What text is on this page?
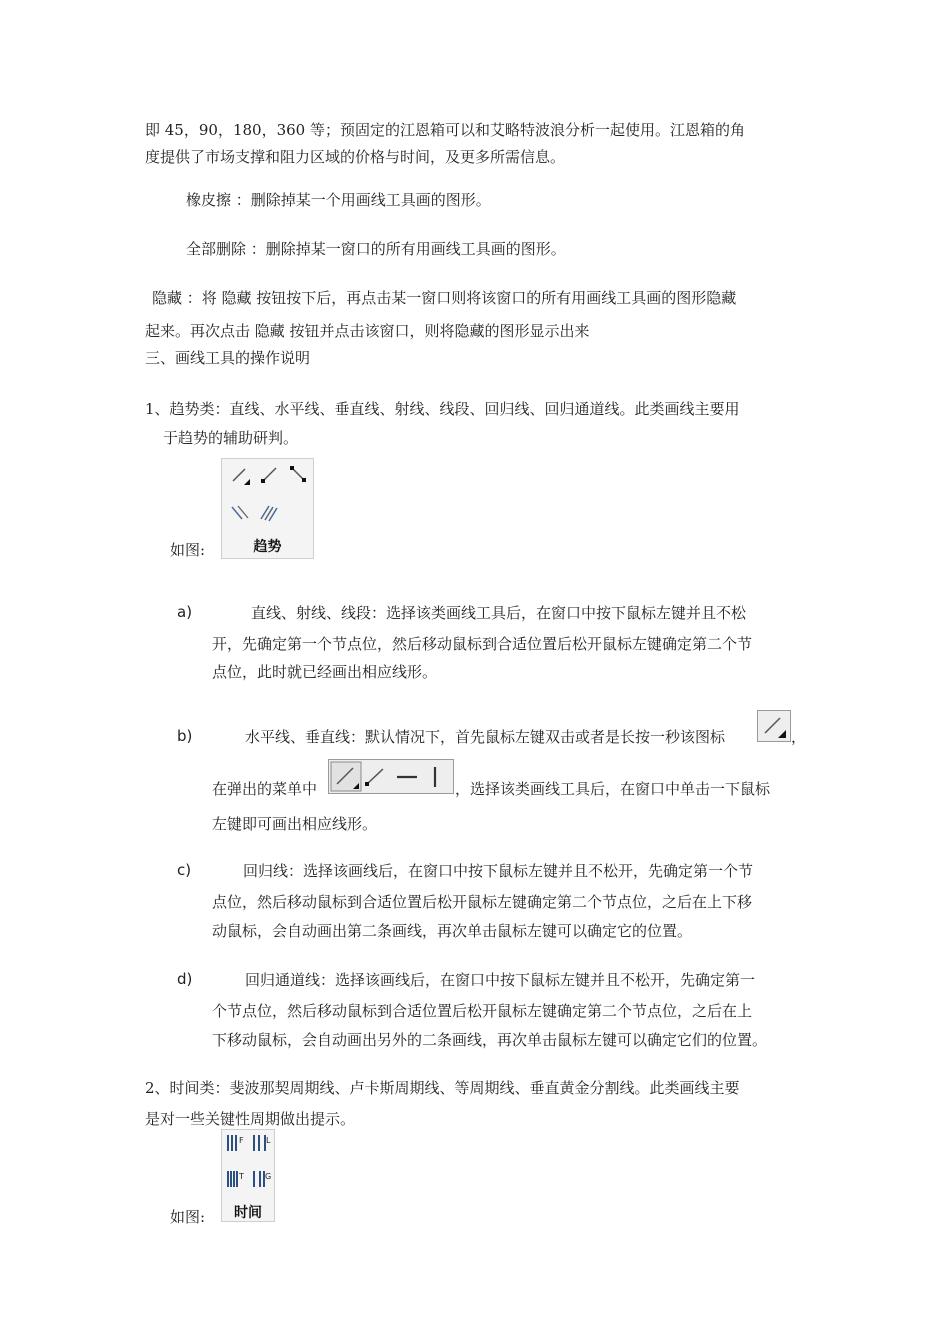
即 45，90，180，360 等；预固定的江恩箱可以和艾略特波浪分析一起使用。江恩箱的角

度提供了市场支撑和阻力区域的价格与时间，及更多所需信息。

橡皮擦 ：删除掉某一个用画线工具画的图形。

全部删除 ：删除掉某一窗口的所有用画线工具画的图形。

隐藏 ：将 隐藏 按钮按下后，再点击某一窗口则将该窗口的所有用画线工具画的图形隐藏

起来。再次点击 隐藏 按钮并点击该窗口，则将隐藏的图形显示出来

三、画线工具的操作说明

1、趋势类：直线、水平线、垂直线、射线、线段、回归线、回归通道线。此类画线主要用

于趋势的辅助研判。

如图:	趋势
a)	直线、射线、线段：选择该类画线工具后，在窗口中按下鼠标左键并且不松

开，先确定第一个节点位，然后移动鼠标到合适位置后松开鼠标左键确定第二个节

点位，此时就已经画出相应线形。

b)	水平线、垂直线：默认情况下，首先鼠标左键双击或者是长按一秒该图标	，

在弹出的菜单中	，选择该类画线工具后，在窗口中单击一下鼠标

左键即可画出相应线形。

c)	回归线：选择该画线后，在窗口中按下鼠标左键并且不松开，先确定第一个节

点位，然后移动鼠标到合适位置后松开鼠标左键确定第二个节点位，之后在上下移

动鼠标，会自动画出第二条画线，再次单击鼠标左键可以确定它的位置。

d)	回归通道线：选择该画线后，在窗口中按下鼠标左键并且不松开，先确定第一

个节点位，然后移动鼠标到合适位置后松开鼠标左键确定第二个节点位，之后在上

下移动鼠标，会自动画出另外的二条画线，再次单击鼠标左键可以确定它们的位置。

2、时间类：斐波那契周期线、卢卡斯周期线、等周期线、垂直黄金分割线。此类画线主要

是对一些关键性周期做出提示。

如图:
F	L
T	G
时间
